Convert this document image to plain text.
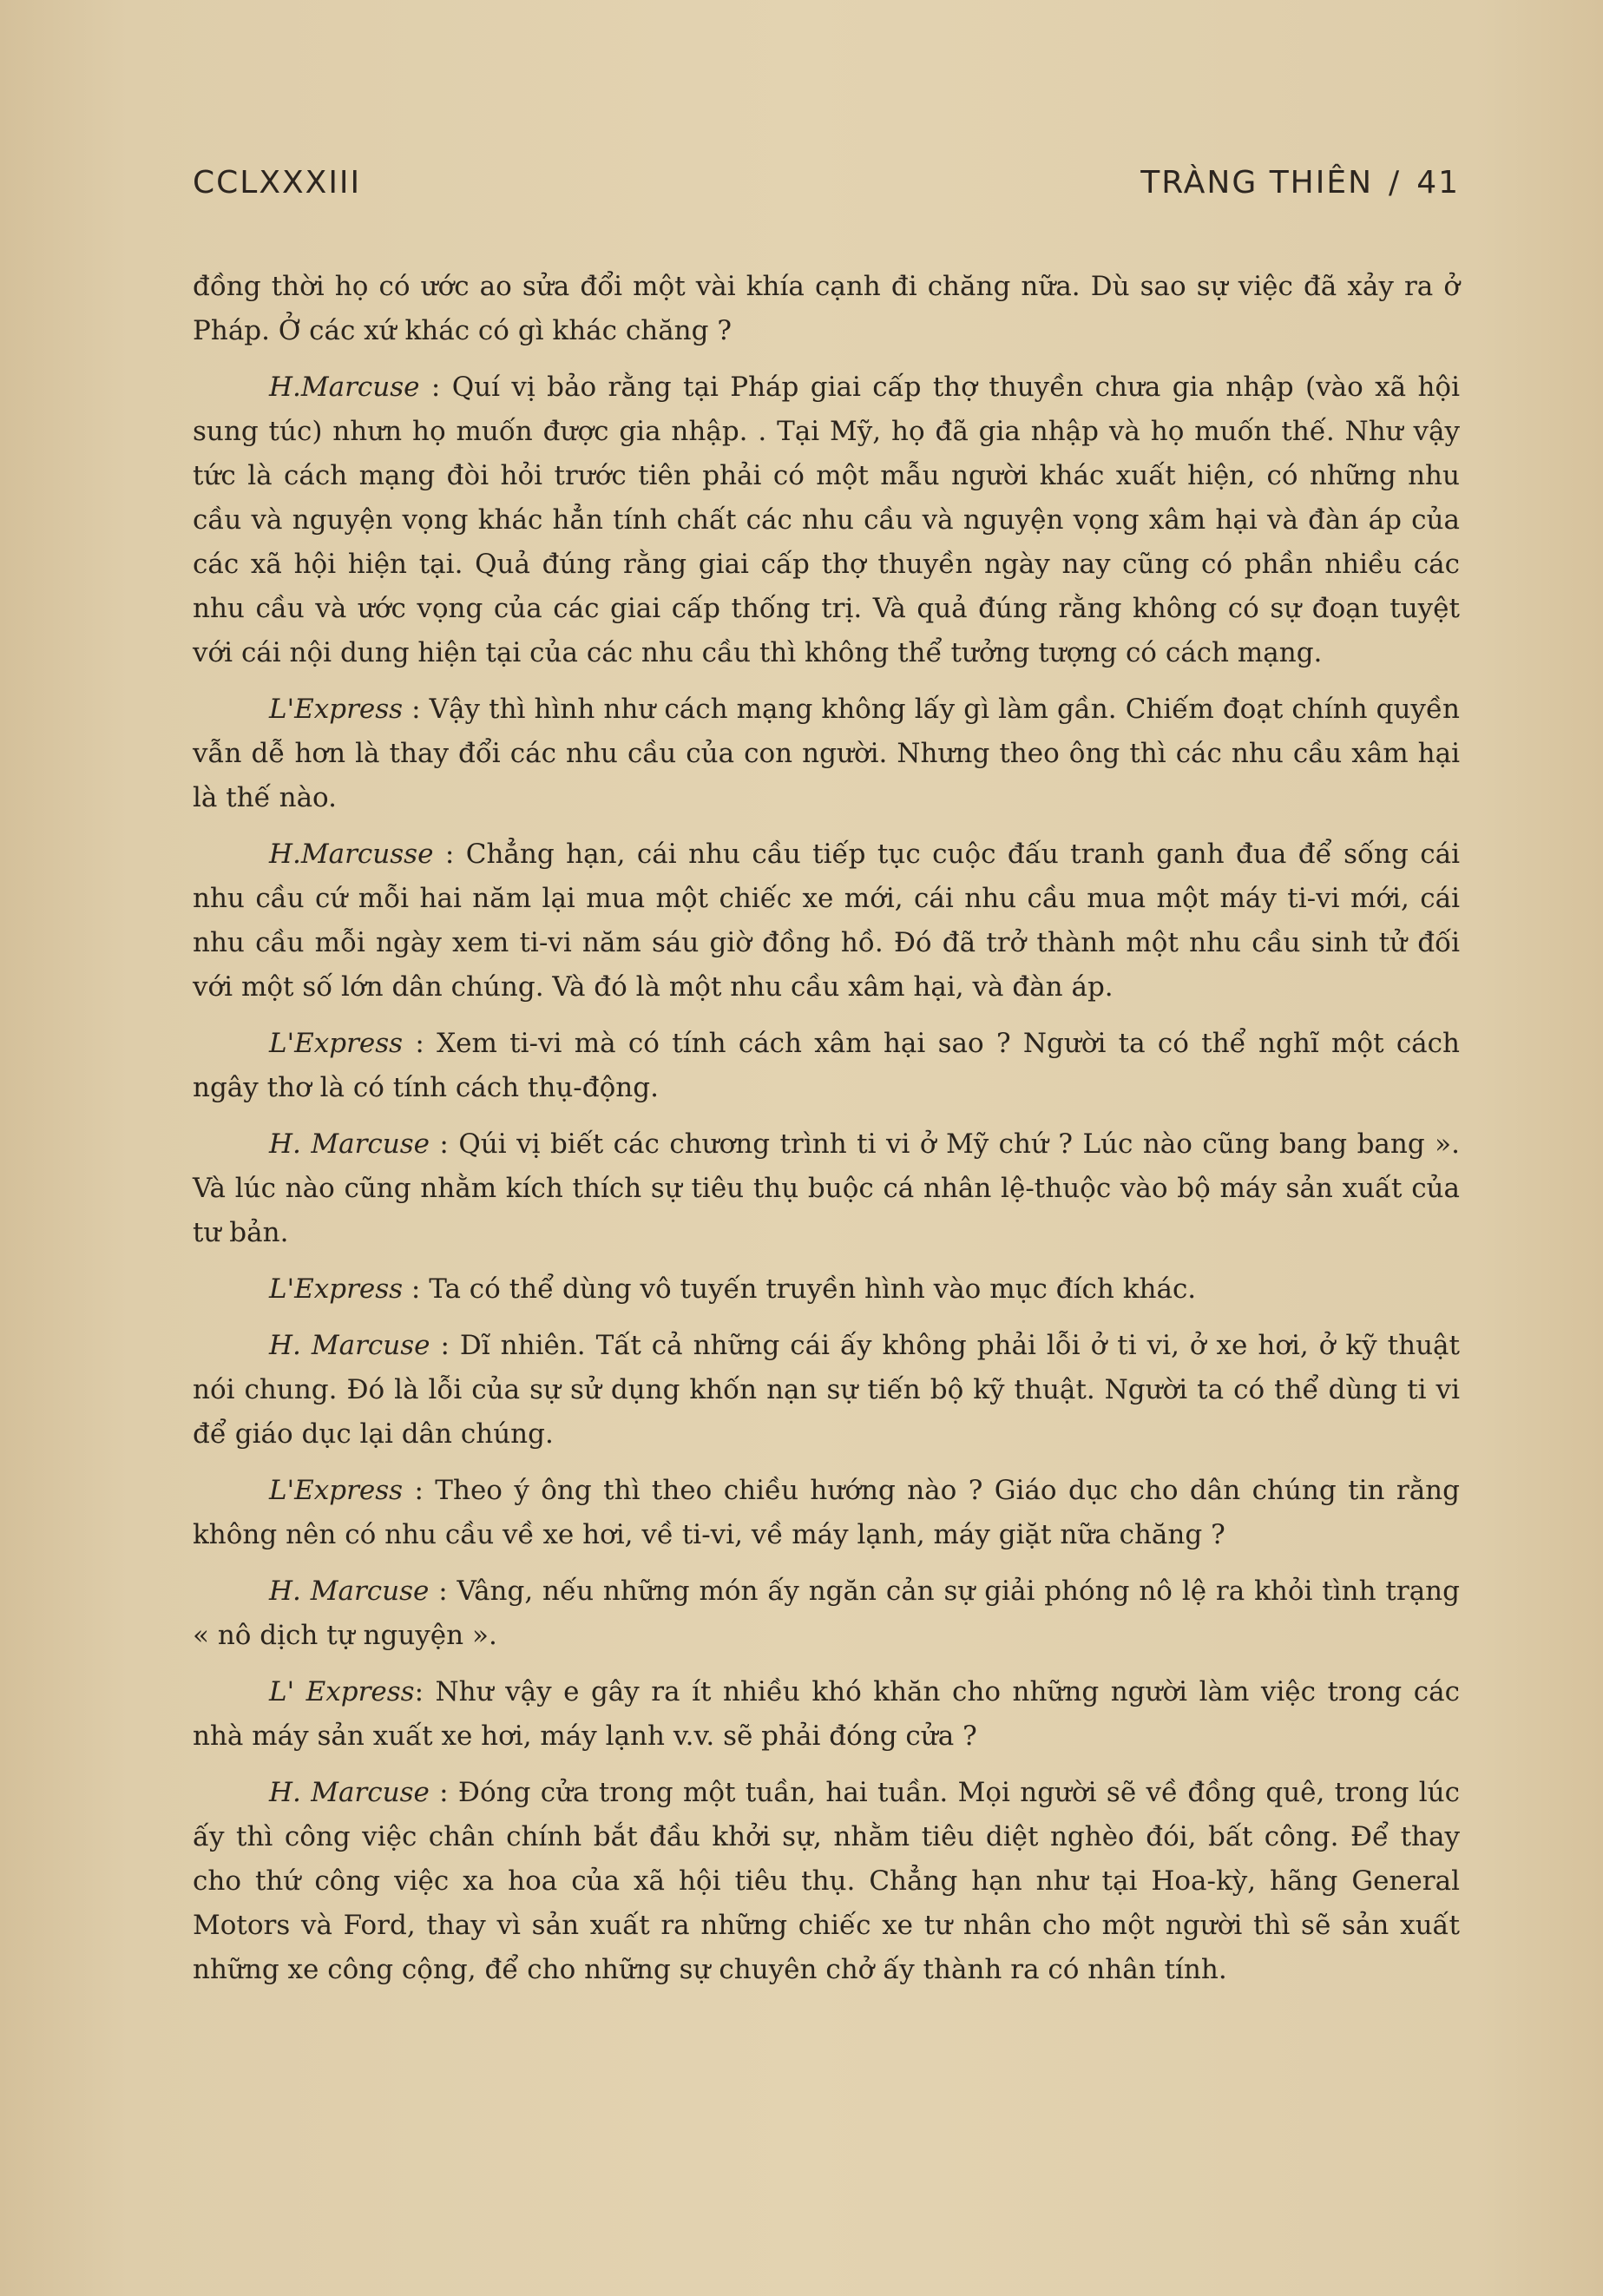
CCLXXXIII	TRÀNG THIÊN / 41

đồng thời họ có ước ao sửa đổi một vài khía cạnh đi chăng nữa. Dù sao sự việc đã xảy ra ở Pháp. Ở các xứ khác có gì khác chăng ?

H.Marcuse : Quí vị bảo rằng tại Pháp giai cấp thợ thuyền chưa gia nhập (vào xã hội sung túc) nhưn họ muốn được gia nhập. . Tại Mỹ, họ đã gia nhập và họ muốn thế. Như vậy tức là cách mạng đòi hỏi trước tiên phải có một mẫu người khác xuất hiện, có những nhu cầu và nguyện vọng khác hẳn tính chất các nhu cầu và nguyện vọng xâm hại và đàn áp của các xã hội hiện tại. Quả đúng rằng giai cấp thợ thuyền ngày nay cũng có phần nhiều các nhu cầu và ước vọng của các giai cấp thống trị. Và quả đúng rằng không có sự đoạn tuyệt với cái nội dung hiện tại của các nhu cầu thì không thể tưởng tượng có cách mạng.

L'Express : Vậy thì hình như cách mạng không lấy gì làm gần. Chiếm đoạt chính quyền vẫn dễ hơn là thay đổi các nhu cầu của con người. Nhưng theo ông thì các nhu cầu xâm hại là thế nào.

H.Marcusse : Chẳng hạn, cái nhu cầu tiếp tục cuộc đấu tranh ganh đua để sống cái nhu cầu cứ mỗi hai năm lại mua một chiếc xe mới, cái nhu cầu mua một máy ti-vi mới, cái nhu cầu mỗi ngày xem ti-vi năm sáu giờ đồng hồ. Đó đã trở thành một nhu cầu sinh tử đối với một số lớn dân chúng. Và đó là một nhu cầu xâm hại, và đàn áp.

L'Express : Xem ti-vi mà có tính cách xâm hại sao ? Người ta có thể nghĩ một cách ngây thơ là có tính cách thụ-động.

H. Marcuse : Qúi vị biết các chương trình ti vi ở Mỹ chứ ? Lúc nào cũng bang bang ». Và lúc nào cũng nhằm kích thích sự tiêu thụ buộc cá nhân lệ-thuộc vào bộ máy sản xuất của tư bản.

L'Express : Ta có thể dùng vô tuyến truyền hình vào mục đích khác.

H. Marcuse : Dĩ nhiên. Tất cả những cái ấy không phải lỗi ở ti vi, ở xe hơi, ở kỹ thuật nói chung. Đó là lỗi của sự sử dụng khốn nạn sự tiến bộ kỹ thuật. Người ta có thể dùng ti vi để giáo dục lại dân chúng.

L'Express : Theo ý ông thì theo chiều hướng nào ? Giáo dục cho dân chúng tin rằng không nên có nhu cầu về xe hơi, về ti-vi, về máy lạnh, máy giặt nữa chăng ?

H. Marcuse : Vâng, nếu những món ấy ngăn cản sự giải phóng nô lệ ra khỏi tình trạng « nô dịch tự nguyện ».

L' Express: Như vậy e gây ra ít nhiều khó khăn cho những người làm việc trong các nhà máy sản xuất xe hơi, máy lạnh v.v. sẽ phải đóng cửa ?

H. Marcuse : Đóng cửa trong một tuần, hai tuần. Mọi người sẽ về đồng quê, trong lúc ấy thì công việc chân chính bắt đầu khởi sự, nhằm tiêu diệt nghèo đói, bất công. Để thay cho thứ công việc xa hoa của xã hội tiêu thụ. Chẳng hạn như tại Hoa-kỳ, hãng General Motors và Ford, thay vì sản xuất ra những chiếc xe tư nhân cho một người thì sẽ sản xuất những xe công cộng, để cho những sự chuyên chở ấy thành ra có nhân tính.
